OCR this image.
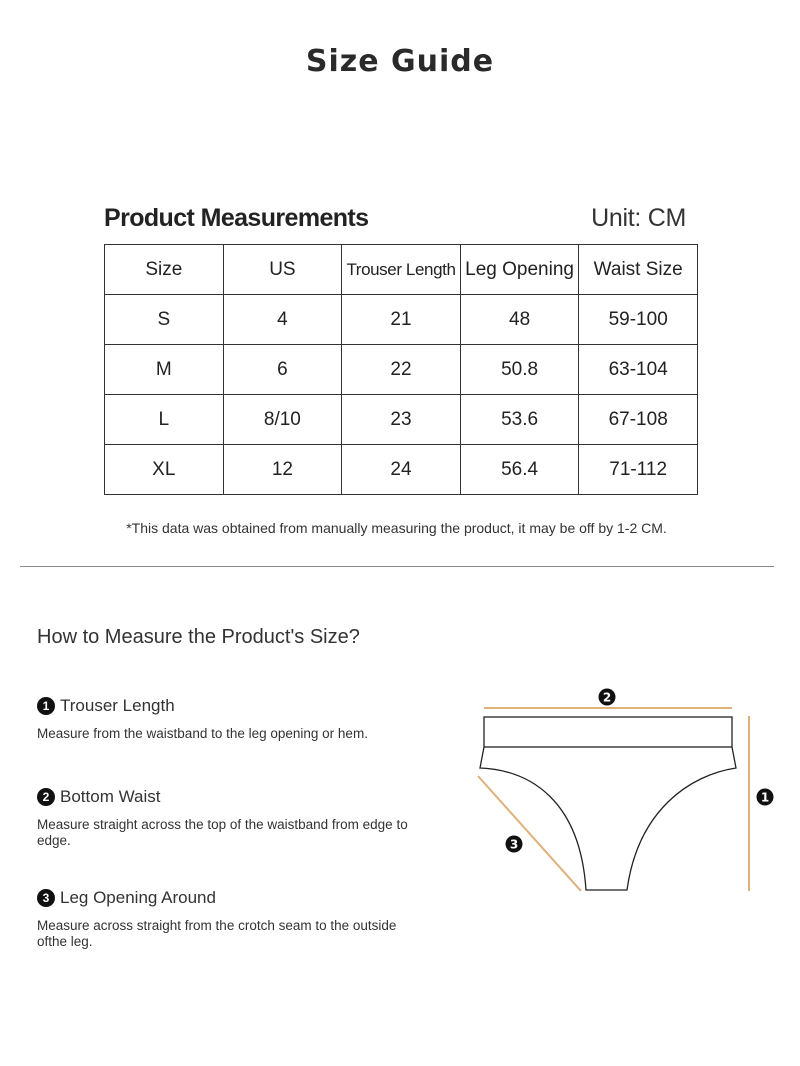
Size Guide
Product Measurements	Unit: CM
Size	US	Trouser Length	Leg Opening	Waist Size
S	4	21	48	59-100
M	6	22	50.8	63-104
L	8/10	23	53.6	67-108
XL	12	24	56.4	71-112
*This data was obtained from manually measuring the product, it may be off by 1-2 CM.
How to Measure the Product's Size?
1 Trouser Length
Measure from the waistband to the leg opening or hem.
2 Bottom Waist
Measure straight across the top of the waistband from edge to edge.
3 Leg Opening Around
Measure across straight from the crotch seam to the outside ofthe leg.
2
1
3
